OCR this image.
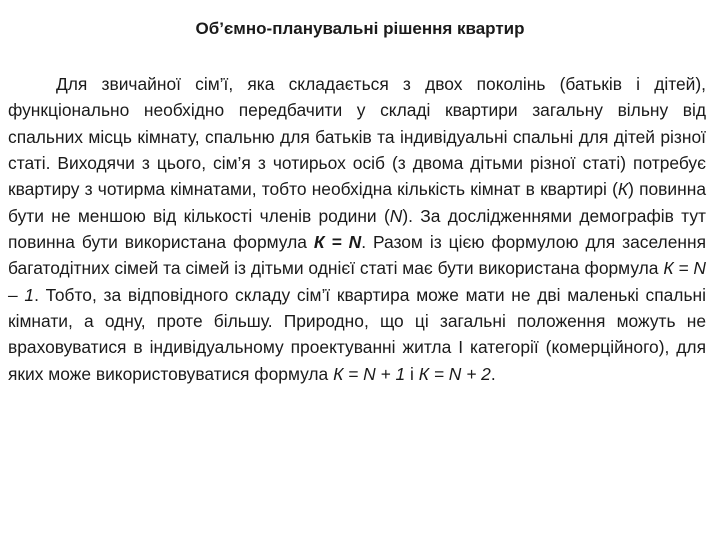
Об’ємно-планувальні рішення квартир

Для звичайної сім’ї, яка складається з двох поколінь (батьків і дітей), функціонально необхідно передбачити у складі квартири загальну вільну від спальних місць кімнату, спальню для батьків та індивідуальні спальні для дітей різної статі. Виходячи з цього, сім’я з чотирьох осіб (з двома дітьми різної статі) потребує квартиру з чотирма кімнатами, тобто необхідна кількість кімнат в квартирі (К) повинна бути не меншою від кількості членів родини (N). За дослідженнями демографів тут повинна бути використана формула К = N. Разом із цією формулою для заселення багатодітних сімей та сімей із дітьми однієї статі має бути використана формула К = N – 1. Тобто, за відповідного складу сім’ї квартира може мати не дві маленькі спальні кімнати, а одну, проте більшу. Природно, що ці загальні положення можуть не враховуватися в індивідуальному проектуванні житла І категорії (комерційного), для яких може використовуватися формула К = N + 1 і К = N + 2.
